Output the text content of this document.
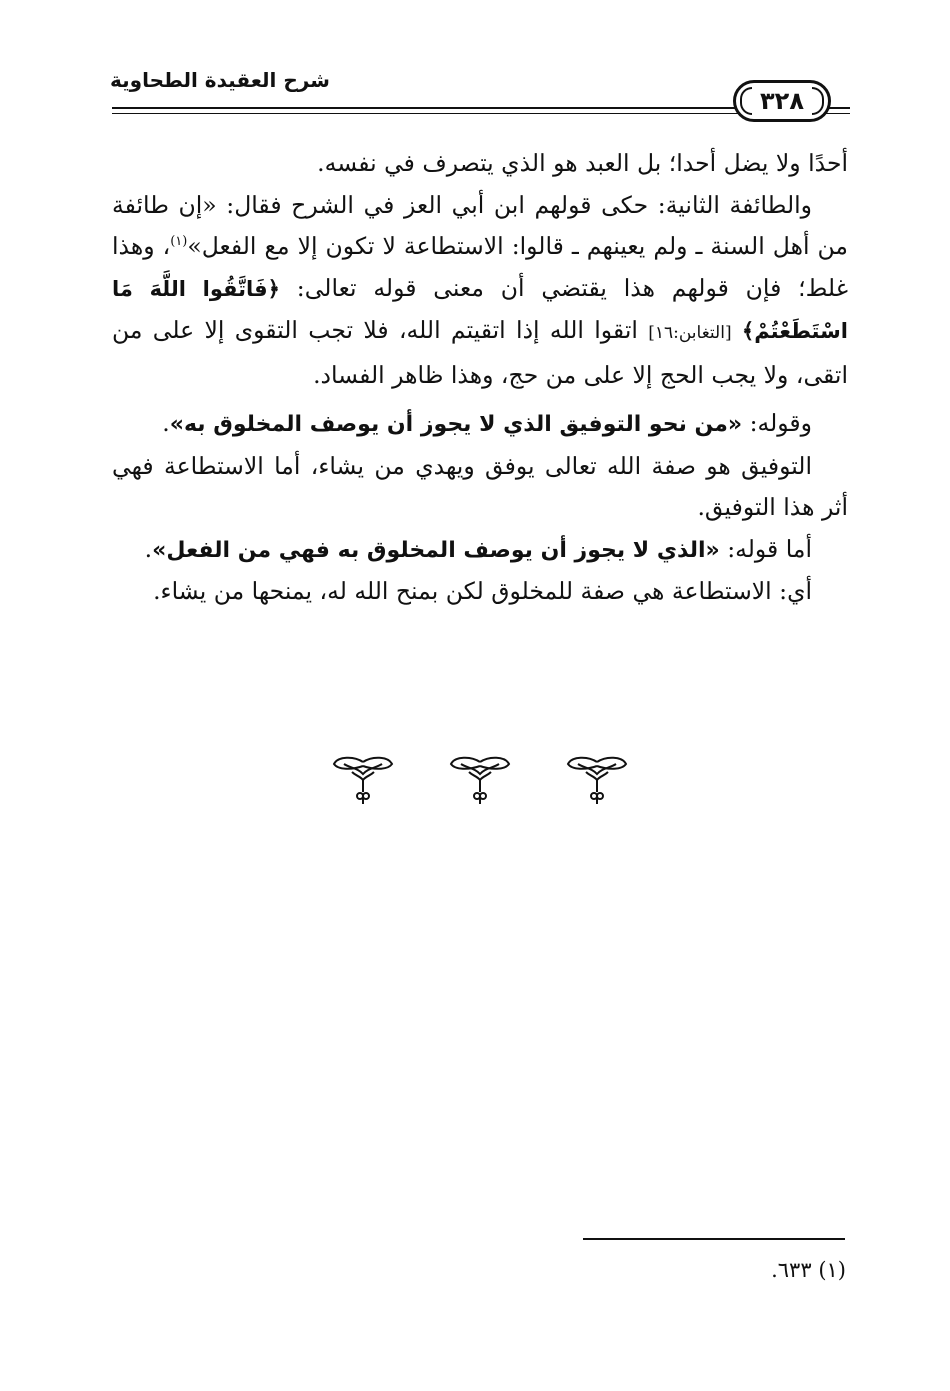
شرح العقيدة الطحاوية
٣٢٨

أحدًا ولا يضل أحدا؛ بل العبد هو الذي يتصرف في نفسه.

والطائفة الثانية: حكى قولهم ابن أبي العز في الشرح فقال: «إن طائفة من أهل السنة ـ ولم يعينهم ـ قالوا: الاستطاعة لا تكون إلا مع الفعل»$^{(١)}$، وهذا غلط؛ فإن قولهم هذا يقتضي أن معنى قوله تعالى: ﴿فَاتَّقُوا اللَّهَ مَا اسْتَطَعْتُمْ﴾ [التغابن:١٦] اتقوا الله إذا اتقيتم الله، فلا تجب التقوى إلا على من اتقى، ولا يجب الحج إلا على من حج، وهذا ظاهر الفساد.

وقوله: «من نحو التوفيق الذي لا يجوز أن يوصف المخلوق به».

التوفيق هو صفة الله تعالى يوفق ويهدي من يشاء، أما الاستطاعة فهي أثر هذا التوفيق.

أما قوله: «الذي لا يجوز أن يوصف المخلوق به فهي من الفعل».

أي: الاستطاعة هي صفة للمخلوق لكن بمنح الله له، يمنحها من يشاء.

(١) ٦٣٣.
